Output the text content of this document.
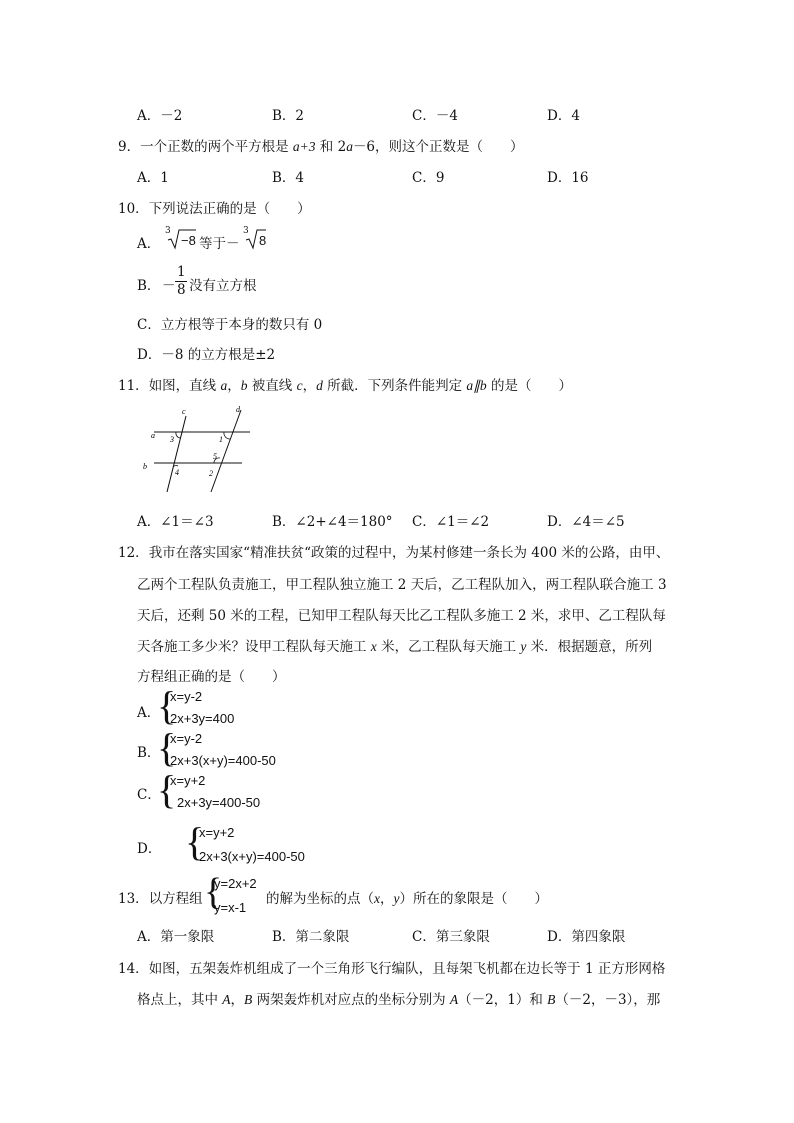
A．－2	B．2	C．－4	D．4
9．一个正数的两个平方根是 a+3 和 2a－6，则这个正数是（　　）
A．1	B．4	C．9	D．16
10．下列说法正确的是（　　）
A．
3
−8 等于－
3
8
B． －
1
8 没有立方根
C．立方根等于本身的数只有 0
D．－8 的立方根是±2
11．如图，直线 a，b 被直线 c，d 所截．下列条件能判定 a∥b 的是（　　）
a
b
c	d
3	1
5
4	2
A．∠1＝∠3	B．∠2+∠4＝180° C．∠1＝∠2	D．∠4＝∠5
12．我市在落实国家“精准扶贫“政策的过程中，为某村修建一条长为 400 米的公路，由甲、
乙两个工程队负责施工，甲工程队独立施工 2 天后，乙工程队加入，两工程队联合施工 3
天后，还剩 50 米的工程，已知甲工程队每天比乙工程队多施工 2 米，求甲、乙工程队每
天各施工多少米？设甲工程队每天施工 x 米，乙工程队每天施工 y 米．根据题意，所列
方程组正确的是（　　）
A．
{
x=y-2
2x+3y=400
B．
{
x=y-2
2x+3(x+y)=400-50
C．
{
x=y+2
2x+3y=400-50
D． {
x=y+2
2x+3(x+y)=400-50
13．以方程组 {
y=2x+2
y=x-1
的解为坐标的点（x，y）所在的象限是（　　）
A．第一象限	B．第二象限	C．第三象限	D．第四象限
14．如图，五架轰炸机组成了一个三角形飞行编队，且每架飞机都在边长等于 1 正方形网格
格点上，其中 A，B 两架轰炸机对应点的坐标分别为 A（－2，1）和 B（－2，－3），那
